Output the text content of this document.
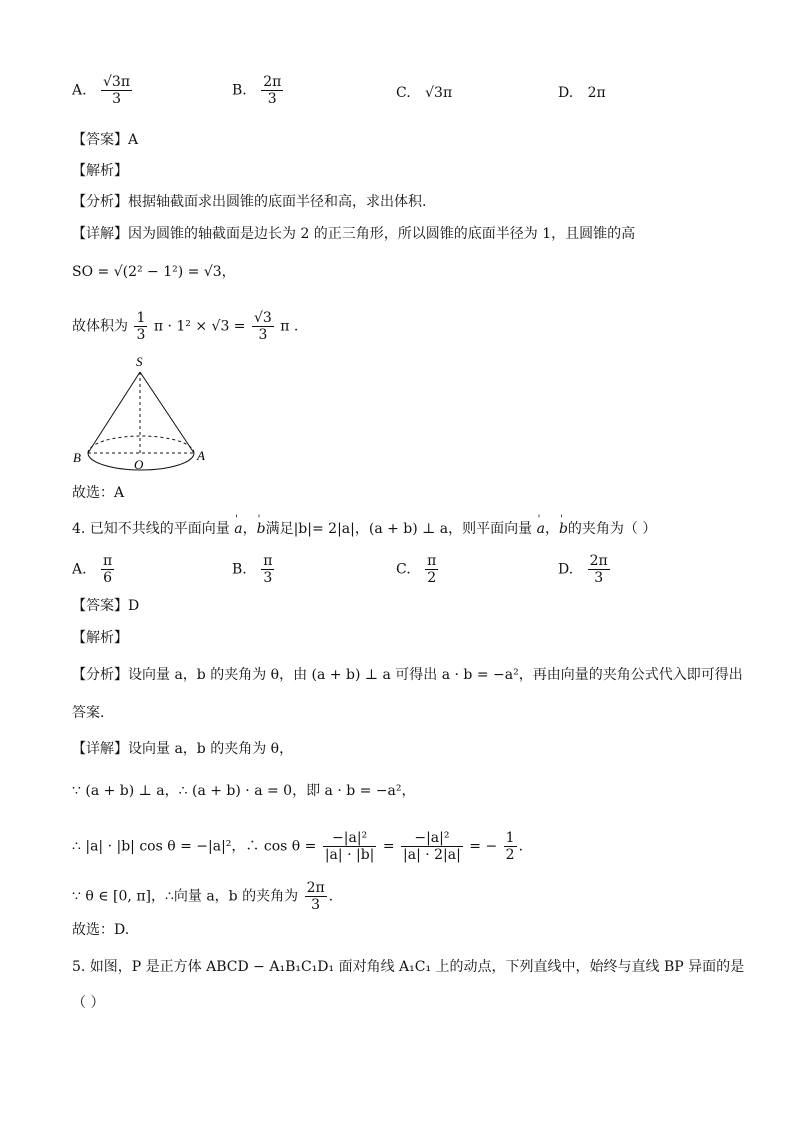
A. $\frac{√3\pi}{3}$	B. $\frac{2\pi}{3}$	C. √3π	D. 2π
【答案】A
【解析】
【分析】根据轴截面求出圆锥的底面半径和高，求出体积.
【详解】因为圆锥的轴截面是边长为 2 的正三角形，所以圆锥的底面半径为 1，且圆锥的高
SO = √(2² − 1²) = √3，
故体积为 $\frac{1}{3}$ $\pi \cdot 1^2 \times √3 = \frac{√3}{3}$ π .
S
B	O
A
故选：A
4. 已知不共线的平面向量 ' a，' b满足|b|= 2|a|，(a + b) ⊥ a，则平面向量 ' a，' b的夹角为（ ）
A. $\frac{\pi}{6}$	B. $\frac{\pi}{3}$	C. $\frac{\pi}{2}$	D. $\frac{2\pi}{3}$
【答案】D
【解析】
【分析】设向量 a，b 的夹角为 θ，由 (a + b) ⊥ a 可得出 a · b = −a²，再由向量的夹角公式代入即可得出
答案.
【详解】设向量 a，b 的夹角为 θ，
∵ (a + b) ⊥ a，∴ (a + b) · a = 0，即 a · b = −a²，
∴ |a| · |b| cos θ = −|a|²，∴ $\cos \theta = \frac{\text{−|a|²}}{|a| \cdot |b|} = \frac{\text{−|a|²}}{|a| \cdot 2|a|}$ = − $\frac{1}{2}$ .
∵ θ ∈ [0, π]，∴向量 a，b 的夹角为 $\frac{2\pi}{3}$ .
故选：D.
5. 如图，P 是正方体 ABCD − A₁B₁C₁D₁ 面对角线 A₁C₁ 上的动点，下列直线中，始终与直线 BP 异面的是
（ ）
